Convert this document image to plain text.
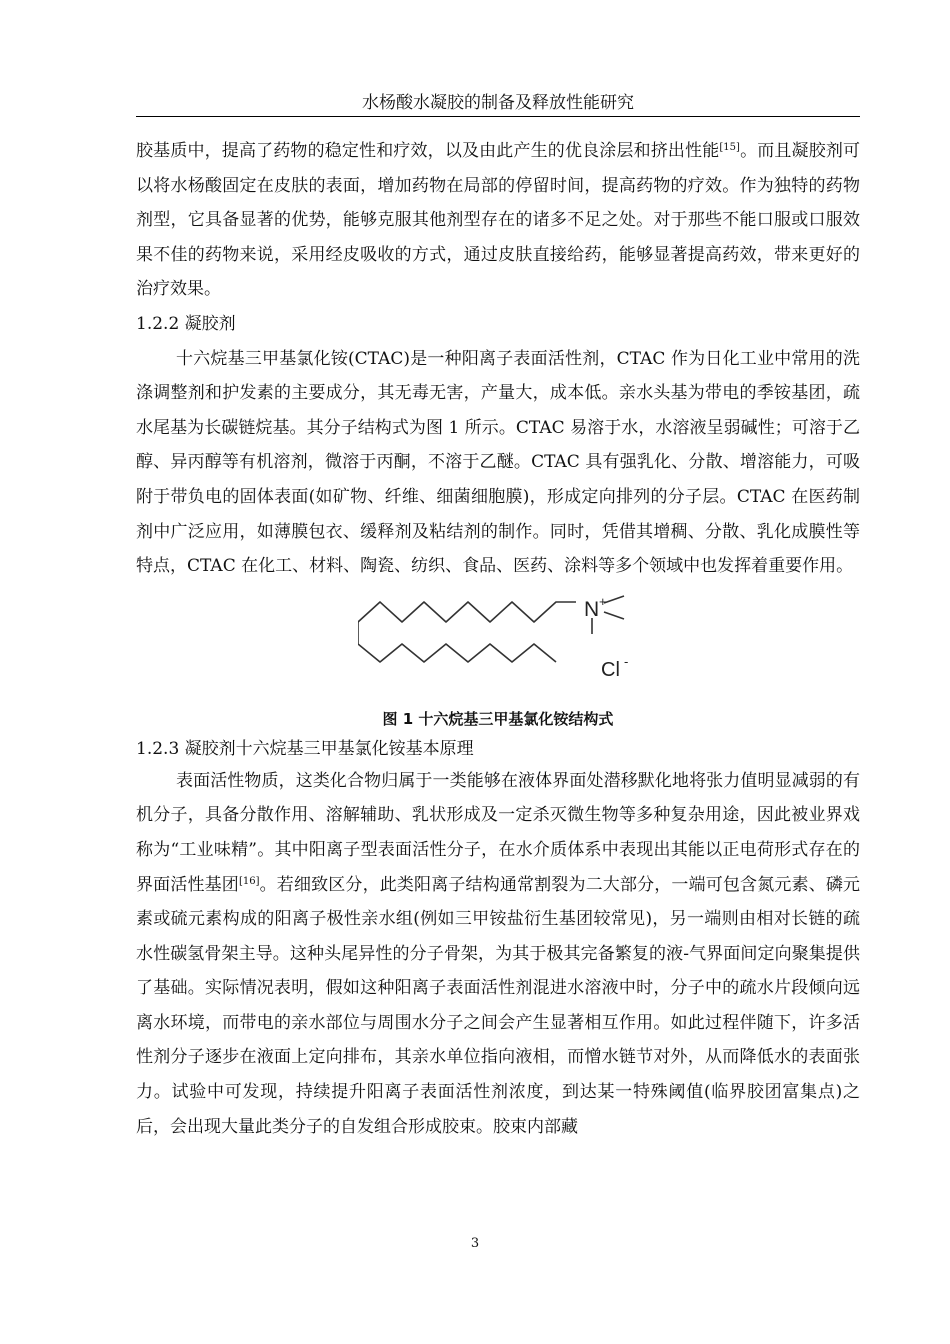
水杨酸水凝胶的制备及释放性能研究

胶基质中，提高了药物的稳定性和疗效，以及由此产生的优良涂层和挤出性能[15]。而且凝胶剂可以将水杨酸固定在皮肤的表面，增加药物在局部的停留时间，提高药物的疗效。作为独特的药物剂型，它具备显著的优势，能够克服其他剂型存在的诸多不足之处。对于那些不能口服或口服效果不佳的药物来说，采用经皮吸收的方式，通过皮肤直接给药，能够显著提高药效，带来更好的治疗效果。

1.2.2 凝胶剂

十六烷基三甲基氯化铵(CTAC)是一种阳离子表面活性剂，CTAC 作为日化工业中常用的洗涤调整剂和护发素的主要成分，其无毒无害，产量大，成本低。亲水头基为带电的季铵基团，疏水尾基为长碳链烷基。其分子结构式为图 1 所示。CTAC 易溶于水，水溶液呈弱碱性；可溶于乙醇、异丙醇等有机溶剂，微溶于丙酮，不溶于乙醚。CTAC 具有强乳化、分散、增溶能力，可吸附于带负电的固体表面(如矿物、纤维、细菌细胞膜)，形成定向排列的分子层。CTAC 在医药制剂中广泛应用，如薄膜包衣、缓释剂及粘结剂的制作。同时，凭借其增稠、分散、乳化成膜性等特点，CTAC 在化工、材料、陶瓷、纺织、食品、医药、涂料等多个领域中也发挥着重要作用。

N +
Cl -

图 1 十六烷基三甲基氯化铵结构式

1.2.3 凝胶剂十六烷基三甲基氯化铵基本原理

表面活性物质，这类化合物归属于一类能够在液体界面处潜移默化地将张力值明显减弱的有机分子，具备分散作用、溶解辅助、乳状形成及一定杀灭微生物等多种复杂用途，因此被业界戏称为“工业味精”。其中阳离子型表面活性分子，在水介质体系中表现出其能以正电荷形式存在的界面活性基团[16]。若细致区分，此类阳离子结构通常割裂为二大部分，一端可包含氮元素、磷元素或硫元素构成的阳离子极性亲水组(例如三甲铵盐衍生基团较常见)，另一端则由相对长链的疏水性碳氢骨架主导。这种头尾异性的分子骨架，为其于极其完备繁复的液-气界面间定向聚集提供了基础。实际情况表明，假如这种阳离子表面活性剂混进水溶液中时，分子中的疏水片段倾向远离水环境，而带电的亲水部位与周围水分子之间会产生显著相互作用。如此过程伴随下，许多活性剂分子逐步在液面上定向排布，其亲水单位指向液相，而憎水链节对外，从而降低水的表面张力。试验中可发现，持续提升阳离子表面活性剂浓度，到达某一特殊阈值(临界胶团富集点)之后，会出现大量此类分子的自发组合形成胶束。胶束内部藏

3
